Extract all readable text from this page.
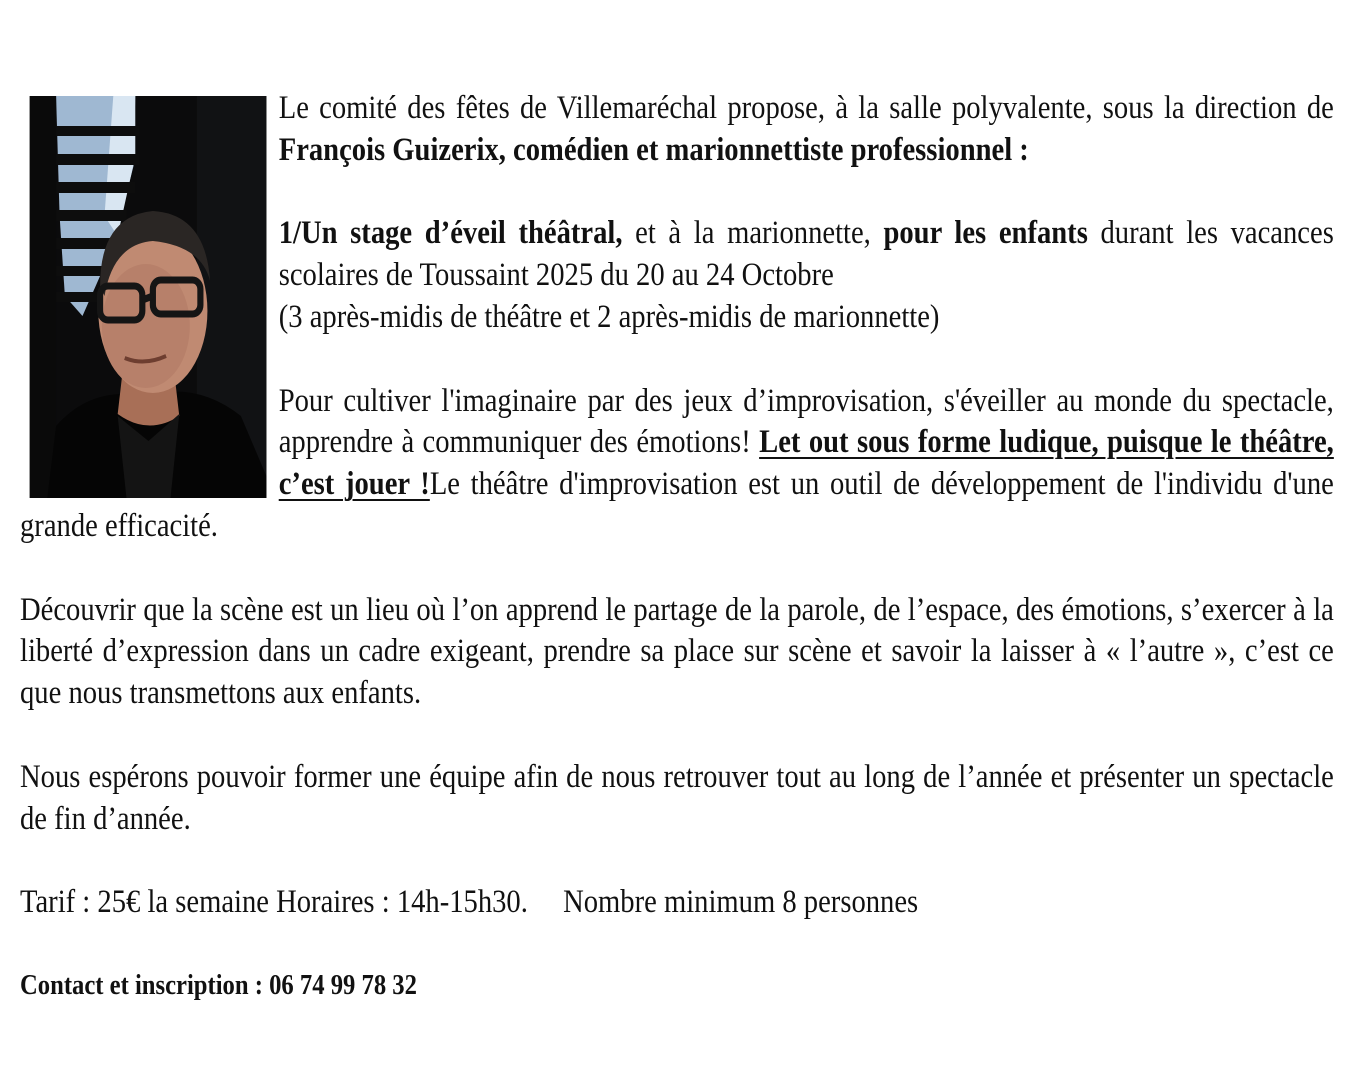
Le comité des fêtes de Villemaréchal propose, à la salle polyvalente, sous la direction de François Guizerix, comédien et marionnettiste professionnel :

1/Un stage d’éveil théâtral, et à la marionnette, pour les enfants durant les vacances scolaires de Toussaint 2025 du 20 au 24 Octobre

(3 après-midis de théâtre et 2 après-midis de marionnette)

Pour cultiver l'imaginaire par des jeux d’improvisation, s'éveiller au monde du spectacle, apprendre à communiquer des émotions! Let out sous forme ludique, puisque le théâtre, c’est jouer !Le théâtre d'improvisation est un outil de développement de l'individu d'une grande efficacité.

Découvrir que la scène est un lieu où l’on apprend le partage de la parole, de l’espace, des émotions, s’exercer à la liberté d’expression dans un cadre exigeant, prendre sa place sur scène et savoir la laisser à « l’autre », c’est ce que nous transmettons aux enfants.

Nous espérons pouvoir former une équipe afin de nous retrouver tout au long de l’année et présenter un spectacle de fin d’année.

Tarif : 25€ la semaine Horaires : 14h-15h30. Nombre minimum 8 personnes

Contact et inscription : 06 74 99 78 32
